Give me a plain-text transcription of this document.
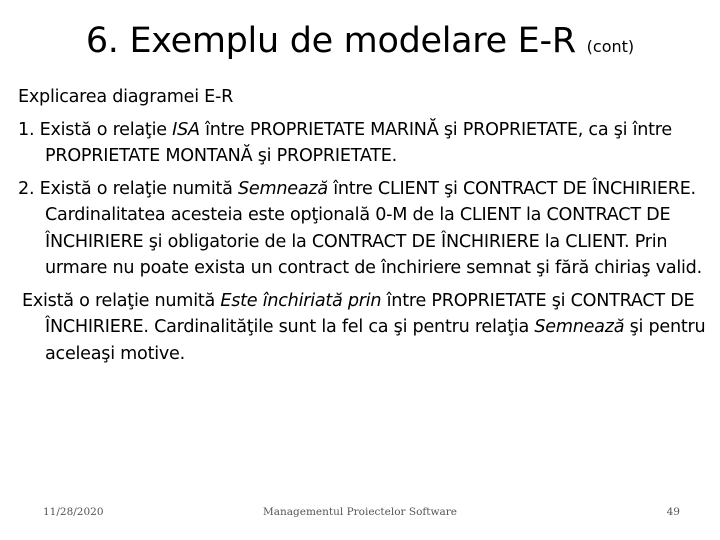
6. Exemplu de modelare E-R (cont)

Explicarea diagramei E-R

1. Există o relaţie ISA între PROPRIETATE MARINĂ şi PROPRIETATE, ca şi între PROPRIETATE MONTANĂ şi PROPRIETATE.

2. Există o relaţie numită Semnează între CLIENT şi CONTRACT DE ÎNCHIRIERE. Cardinalitatea acesteia este opţională 0-M de la CLIENT la CONTRACT DE ÎNCHIRIERE şi obligatorie de la CONTRACT DE ÎNCHIRIERE la CLIENT. Prin urmare nu poate exista un contract de închiriere semnat şi fără chiriaş valid.

Există o relaţie numită Este închiriată prin între PROPRIETATE şi CONTRACT DE ÎNCHIRIERE. Cardinalităţile sunt la fel ca şi pentru relaţia Semnează şi pentru aceleaşi motive.

11/28/2020	Managementul Proiectelor Software	49
